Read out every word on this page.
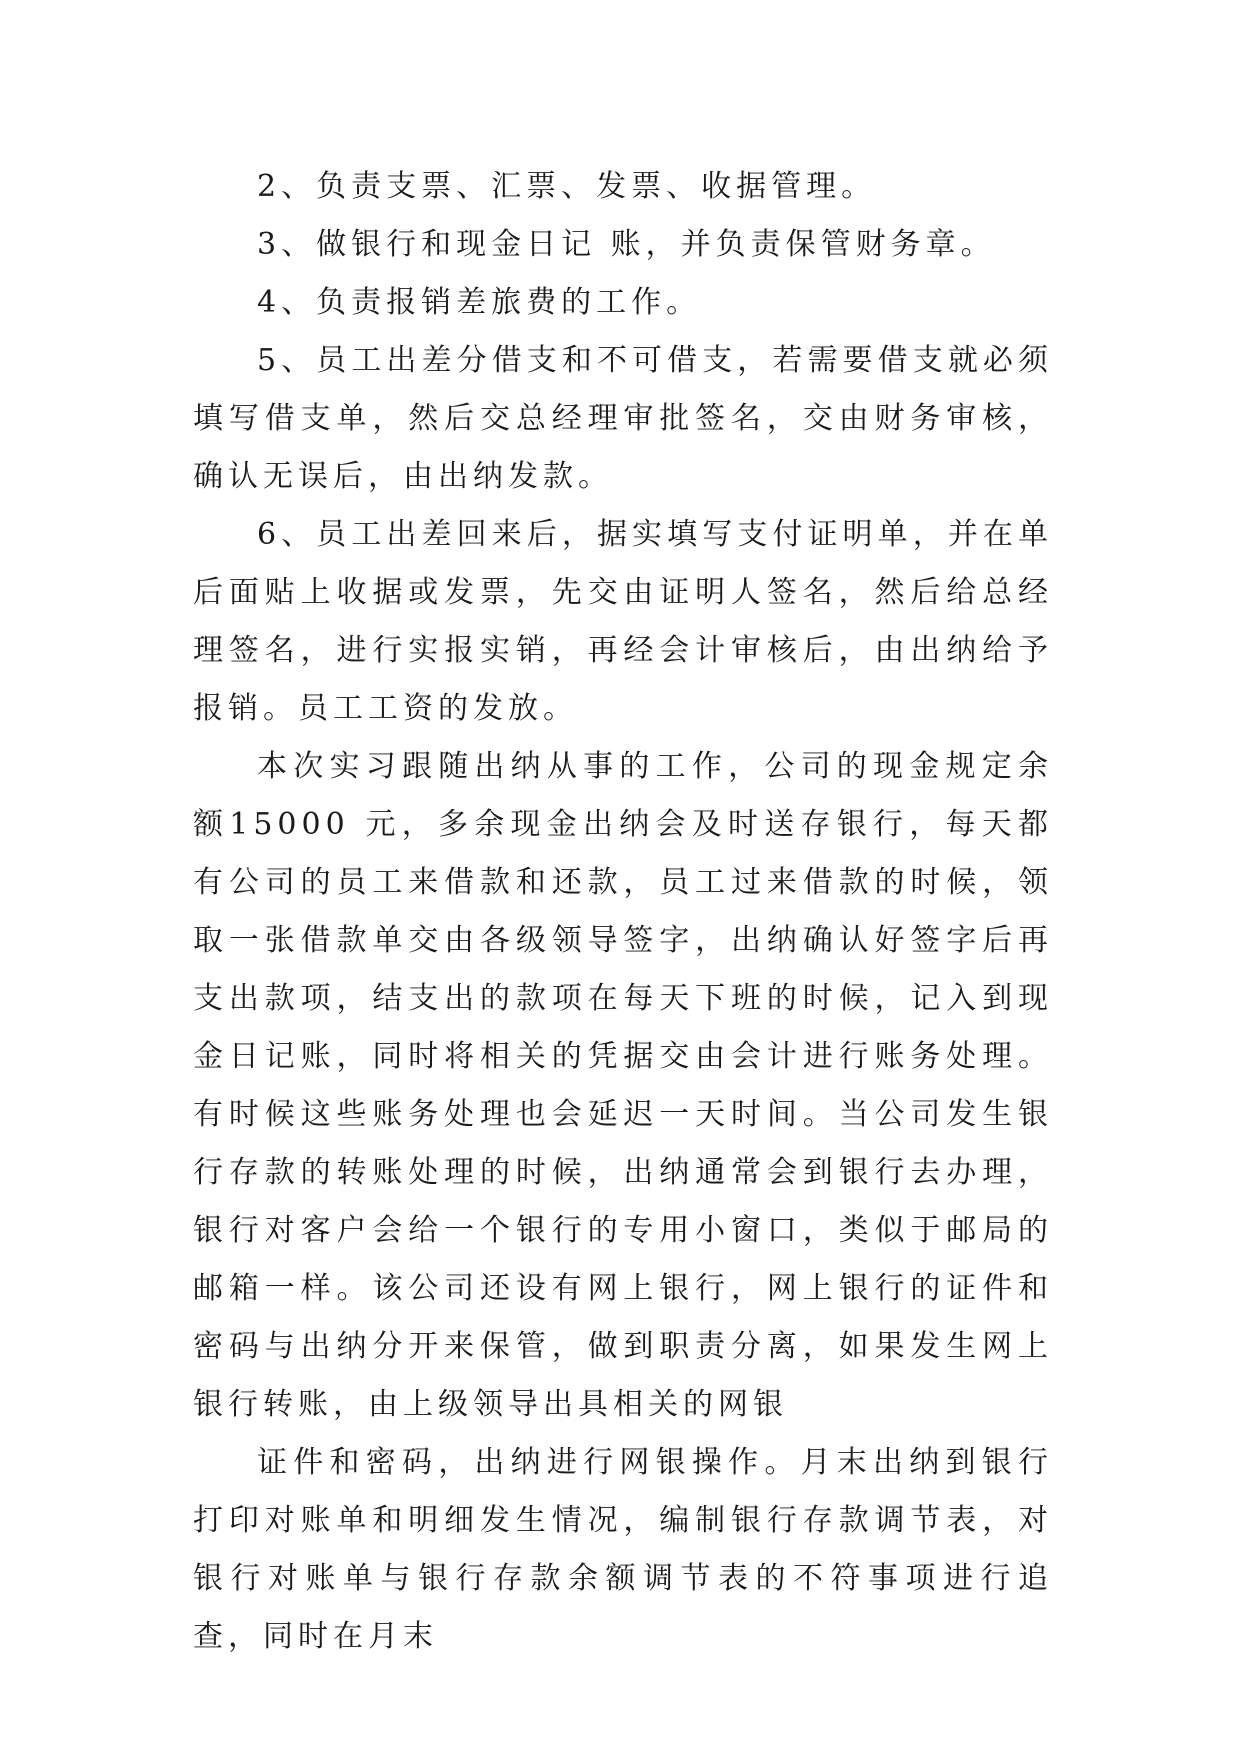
2、负责支票、汇票、发票、收据管理。

3、做银行和现金日记 账，并负责保管财务章。

4、负责报销差旅费的工作。

5、员工出差分借支和不可借支，若需要借支就必须填写借支单，然后交总经理审批签名，交由财务审核，确认无误后，由出纳发款。

6、员工出差回来后，据实填写支付证明单，并在单后面贴上收据或发票，先交由证明人签名，然后给总经理签名，进行实报实销，再经会计审核后，由出纳给予报销。员工工资的发放。

本次实习跟随出纳从事的工作，公司的现金规定余额15000 元，多余现金出纳会及时送存银行，每天都有公司的员工来借款和还款，员工过来借款的时候，领取一张借款单交由各级领导签字，出纳确认好签字后再支出款项，结支出的款项在每天下班的时候，记入到现金日记账，同时将相关的凭据交由会计进行账务处理。有时候这些账务处理也会延迟一天时间。当公司发生银行存款的转账处理的时候，出纳通常会到银行去办理，银行对客户会给一个银行的专用小窗口，类似于邮局的邮箱一样。该公司还设有网上银行，网上银行的证件和密码与出纳分开来保管，做到职责分离，如果发生网上银行转账，由上级领导出具相关的网银

证件和密码，出纳进行网银操作。月末出纳到银行打印对账单和明细发生情况，编制银行存款调节表，对银行对账单与银行存款余额调节表的不符事项进行追查，同时在月末
